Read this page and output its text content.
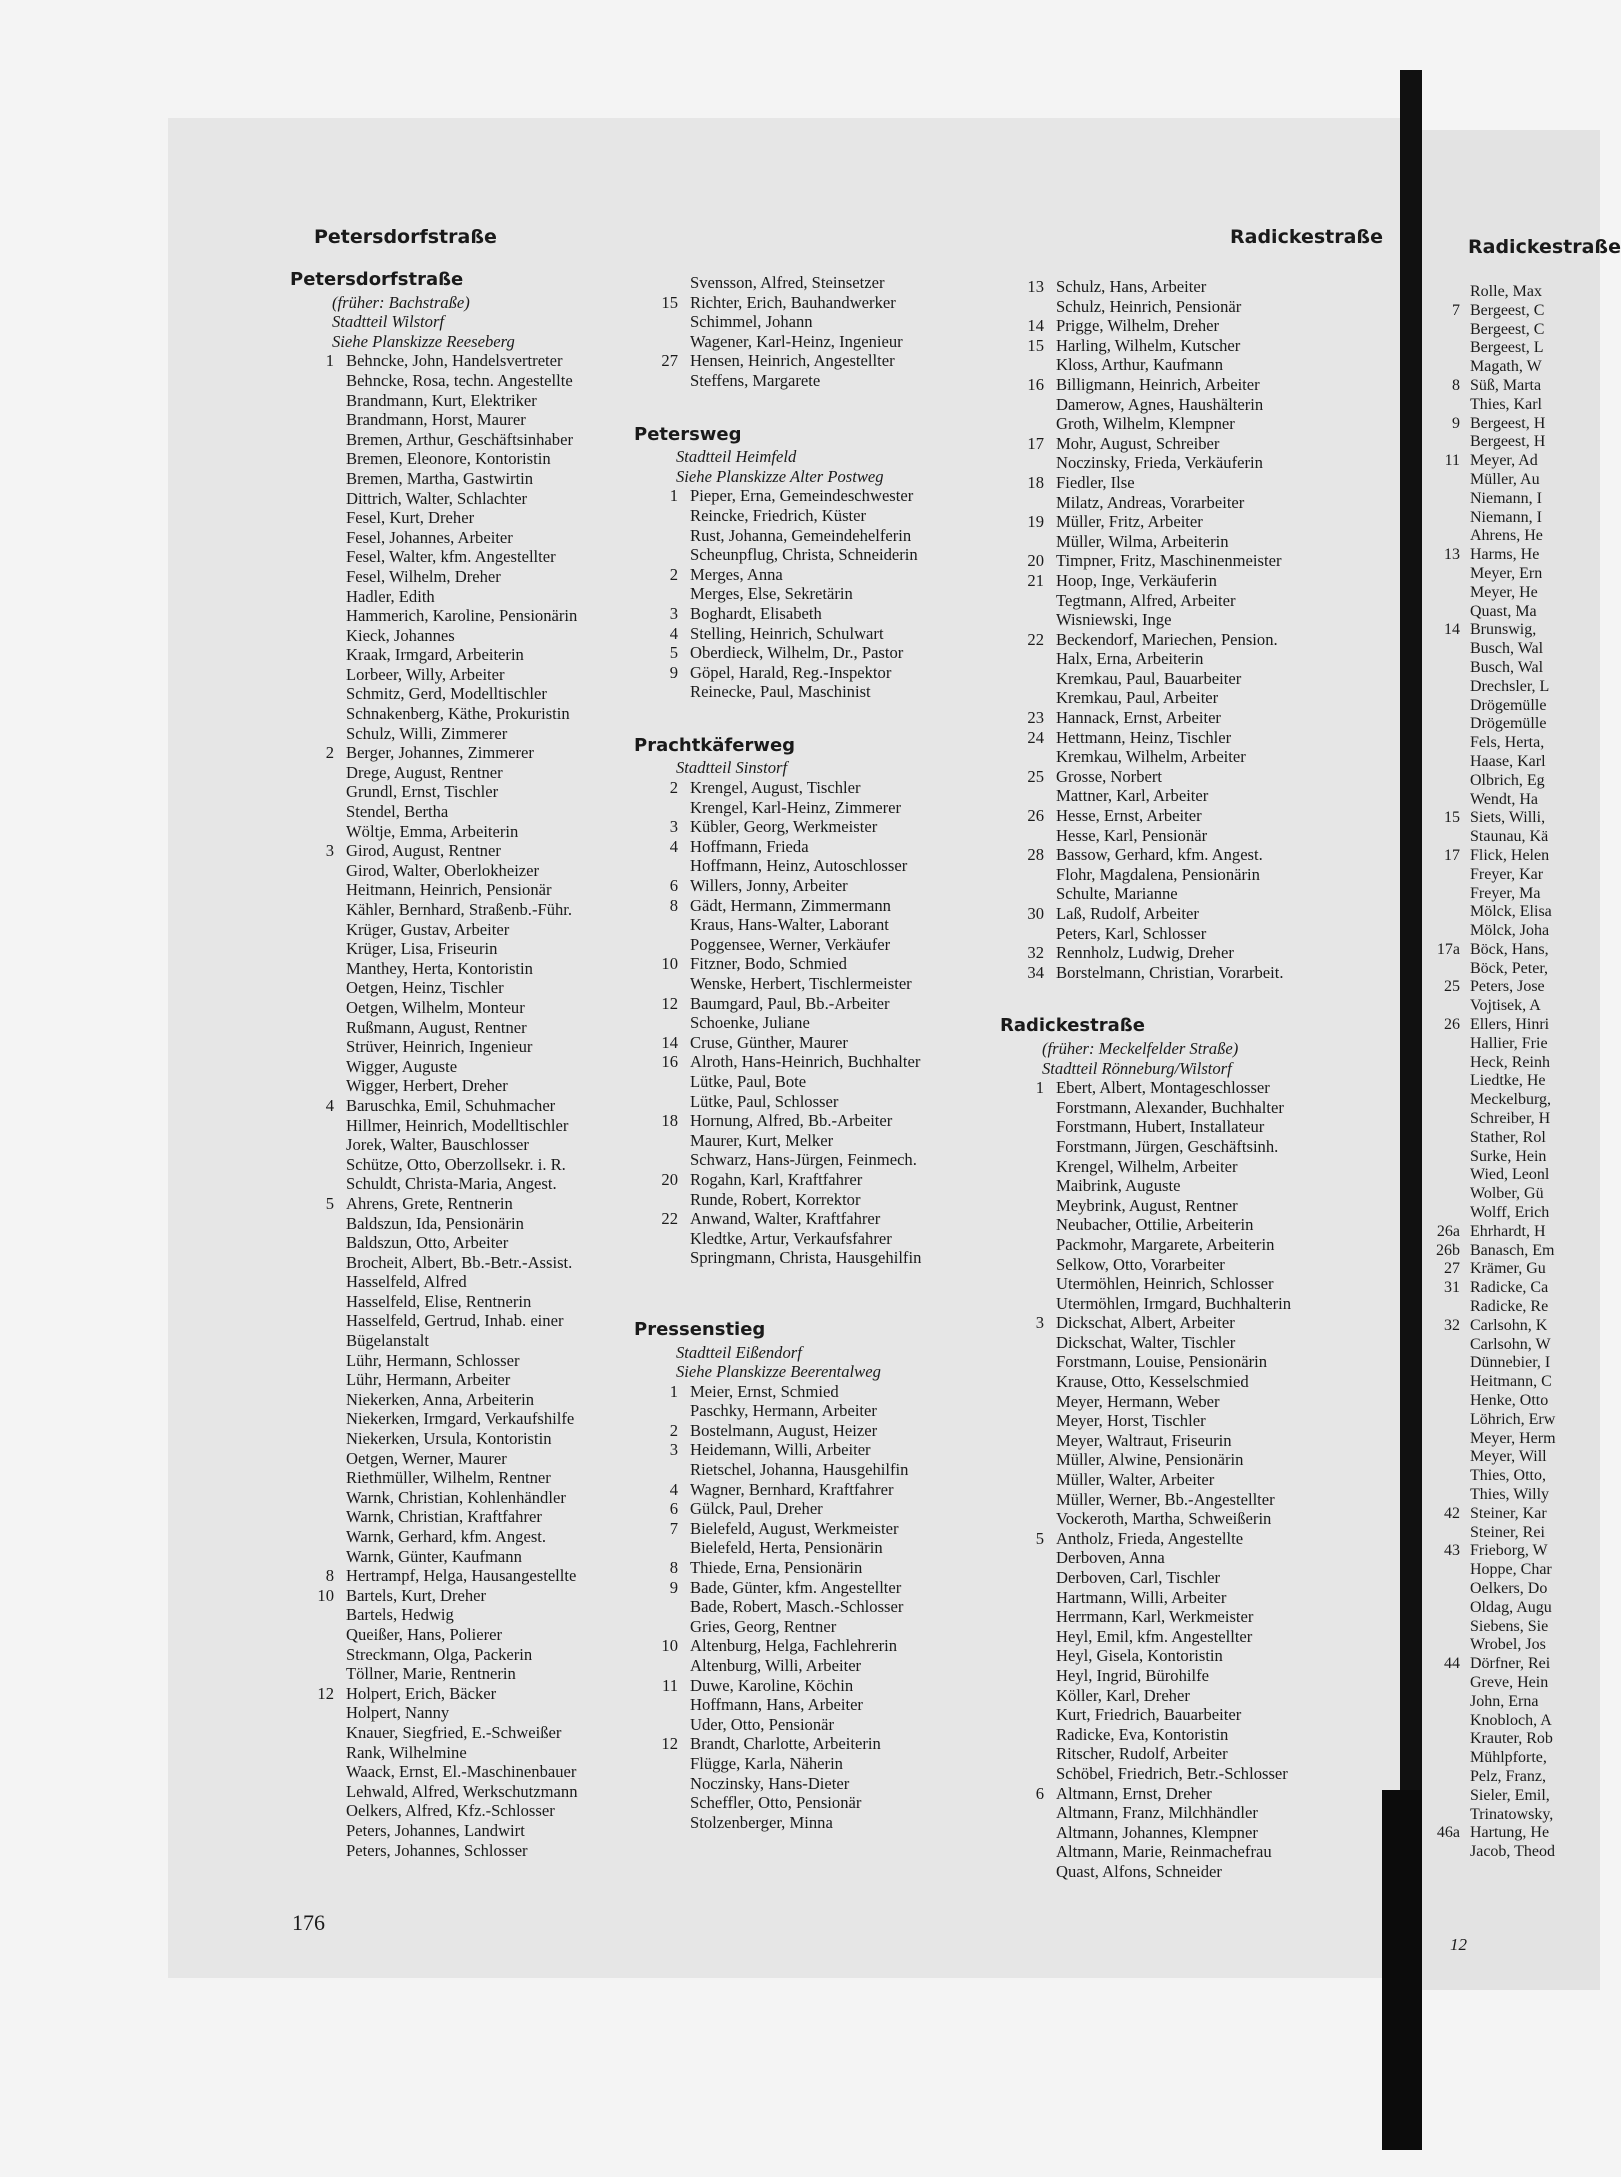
Petersdorfstraße	Radickestraße	Radickestraße
Petersdorfstraße
(früher: Bachstraße)
Stadtteil Wilstorf
Siehe Planskizze Reeseberg
1 Behncke, John, Handelsvertreter
Behncke, Rosa, techn. Angestellte
Brandmann, Kurt, Elektriker
Brandmann, Horst, Maurer
Bremen, Arthur, Geschäftsinhaber
Bremen, Eleonore, Kontoristin
Bremen, Martha, Gastwirtin
Dittrich, Walter, Schlachter
Fesel, Kurt, Dreher
Fesel, Johannes, Arbeiter
Fesel, Walter, kfm. Angestellter
Fesel, Wilhelm, Dreher
Hadler, Edith
Hammerich, Karoline, Pensionärin
Kieck, Johannes
Kraak, Irmgard, Arbeiterin
Lorbeer, Willy, Arbeiter
Schmitz, Gerd, Modelltischler
Schnakenberg, Käthe, Prokuristin
Schulz, Willi, Zimmerer
2 Berger, Johannes, Zimmerer
Drege, August, Rentner
Grundl, Ernst, Tischler
Stendel, Bertha
Wöltje, Emma, Arbeiterin
3 Girod, August, Rentner
Girod, Walter, Oberlokheizer
Heitmann, Heinrich, Pensionär
Kähler, Bernhard, Straßenb.-Führ.
Krüger, Gustav, Arbeiter
Krüger, Lisa, Friseurin
Manthey, Herta, Kontoristin
Oetgen, Heinz, Tischler
Oetgen, Wilhelm, Monteur
Rußmann, August, Rentner
Strüver, Heinrich, Ingenieur
Wigger, Auguste
Wigger, Herbert, Dreher
4 Baruschka, Emil, Schuhmacher
Hillmer, Heinrich, Modelltischler
Jorek, Walter, Bauschlosser
Schütze, Otto, Oberzollsekr. i. R.
Schuldt, Christa-Maria, Angest.
5 Ahrens, Grete, Rentnerin
Baldszun, Ida, Pensionärin
Baldszun, Otto, Arbeiter
Brocheit, Albert, Bb.-Betr.-Assist.
Hasselfeld, Alfred
Hasselfeld, Elise, Rentnerin
Hasselfeld, Gertrud, Inhab. einer
Bügelanstalt
Lühr, Hermann, Schlosser
Lühr, Hermann, Arbeiter
Niekerken, Anna, Arbeiterin
Niekerken, Irmgard, Verkaufshilfe
Niekerken, Ursula, Kontoristin
Oetgen, Werner, Maurer
Riethmüller, Wilhelm, Rentner
Warnk, Christian, Kohlenhändler
Warnk, Christian, Kraftfahrer
Warnk, Gerhard, kfm. Angest.
Warnk, Günter, Kaufmann
8 Hertrampf, Helga, Hausangestellte
10 Bartels, Kurt, Dreher
Bartels, Hedwig
Queißer, Hans, Polierer
Streckmann, Olga, Packerin
Töllner, Marie, Rentnerin
12 Holpert, Erich, Bäcker
Holpert, Nanny
Knauer, Siegfried, E.-Schweißer
Rank, Wilhelmine
Waack, Ernst, El.-Maschinenbauer
Lehwald, Alfred, Werkschutzmann
Oelkers, Alfred, Kfz.-Schlosser
Peters, Johannes, Landwirt
Peters, Johannes, Schlosser
Svensson, Alfred, Steinsetzer
15 Richter, Erich, Bauhandwerker
Schimmel, Johann
Wagener, Karl-Heinz, Ingenieur
27 Hensen, Heinrich, Angestellter
Steffens, Margarete
Petersweg
Stadtteil Heimfeld
Siehe Planskizze Alter Postweg
1 Pieper, Erna, Gemeindeschwester
Reincke, Friedrich, Küster
Rust, Johanna, Gemeindehelferin
Scheunpflug, Christa, Schneiderin
2 Merges, Anna
Merges, Else, Sekretärin
3 Boghardt, Elisabeth
4 Stelling, Heinrich, Schulwart
5 Oberdieck, Wilhelm, Dr., Pastor
9 Göpel, Harald, Reg.-Inspektor
Reinecke, Paul, Maschinist
Prachtkäferweg
Stadtteil Sinstorf
2 Krengel, August, Tischler
Krengel, Karl-Heinz, Zimmerer
3 Kübler, Georg, Werkmeister
4 Hoffmann, Frieda
Hoffmann, Heinz, Autoschlosser
6 Willers, Jonny, Arbeiter
8 Gädt, Hermann, Zimmermann
Kraus, Hans-Walter, Laborant
Poggensee, Werner, Verkäufer
10 Fitzner, Bodo, Schmied
Wenske, Herbert, Tischlermeister
12 Baumgard, Paul, Bb.-Arbeiter
Schoenke, Juliane
14 Cruse, Günther, Maurer
16 Alroth, Hans-Heinrich, Buchhalter
Lütke, Paul, Bote
Lütke, Paul, Schlosser
18 Hornung, Alfred, Bb.-Arbeiter
Maurer, Kurt, Melker
Schwarz, Hans-Jürgen, Feinmech.
20 Rogahn, Karl, Kraftfahrer
Runde, Robert, Korrektor
22 Anwand, Walter, Kraftfahrer
Kledtke, Artur, Verkaufsfahrer
Springmann, Christa, Hausgehilfin
Pressenstieg
Stadtteil Eißendorf
Siehe Planskizze Beerentalweg
1 Meier, Ernst, Schmied
Paschky, Hermann, Arbeiter
2 Bostelmann, August, Heizer
3 Heidemann, Willi, Arbeiter
Rietschel, Johanna, Hausgehilfin
4 Wagner, Bernhard, Kraftfahrer
6 Gülck, Paul, Dreher
7 Bielefeld, August, Werkmeister
Bielefeld, Herta, Pensionärin
8 Thiede, Erna, Pensionärin
9 Bade, Günter, kfm. Angestellter
Bade, Robert, Masch.-Schlosser
Gries, Georg, Rentner
10 Altenburg, Helga, Fachlehrerin
Altenburg, Willi, Arbeiter
11 Duwe, Karoline, Köchin
Hoffmann, Hans, Arbeiter
Uder, Otto, Pensionär
12 Brandt, Charlotte, Arbeiterin
Flügge, Karla, Näherin
Noczinsky, Hans-Dieter
Scheffler, Otto, Pensionär
Stolzenberger, Minna
13 Schulz, Hans, Arbeiter
Schulz, Heinrich, Pensionär
14 Prigge, Wilhelm, Dreher
15 Harling, Wilhelm, Kutscher
Kloss, Arthur, Kaufmann
16 Billigmann, Heinrich, Arbeiter
Damerow, Agnes, Haushälterin
Groth, Wilhelm, Klempner
17 Mohr, August, Schreiber
Noczinsky, Frieda, Verkäuferin
18 Fiedler, Ilse
Milatz, Andreas, Vorarbeiter
19 Müller, Fritz, Arbeiter
Müller, Wilma, Arbeiterin
20 Timpner, Fritz, Maschinenmeister
21 Hoop, Inge, Verkäuferin
Tegtmann, Alfred, Arbeiter
Wisniewski, Inge
22 Beckendorf, Mariechen, Pension.
Halx, Erna, Arbeiterin
Kremkau, Paul, Bauarbeiter
Kremkau, Paul, Arbeiter
23 Hannack, Ernst, Arbeiter
24 Hettmann, Heinz, Tischler
Kremkau, Wilhelm, Arbeiter
25 Grosse, Norbert
Mattner, Karl, Arbeiter
26 Hesse, Ernst, Arbeiter
Hesse, Karl, Pensionär
28 Bassow, Gerhard, kfm. Angest.
Flohr, Magdalena, Pensionärin
Schulte, Marianne
30 Laß, Rudolf, Arbeiter
Peters, Karl, Schlosser
32 Rennholz, Ludwig, Dreher
34 Borstelmann, Christian, Vorarbeit.
Radickestraße
(früher: Meckelfelder Straße)
Stadtteil Rönneburg/Wilstorf
1 Ebert, Albert, Montageschlosser
Forstmann, Alexander, Buchhalter
Forstmann, Hubert, Installateur
Forstmann, Jürgen, Geschäftsinh.
Krengel, Wilhelm, Arbeiter
Maibrink, Auguste
Meybrink, August, Rentner
Neubacher, Ottilie, Arbeiterin
Packmohr, Margarete, Arbeiterin
Selkow, Otto, Vorarbeiter
Utermöhlen, Heinrich, Schlosser
Utermöhlen, Irmgard, Buchhalterin
3 Dickschat, Albert, Arbeiter
Dickschat, Walter, Tischler
Forstmann, Louise, Pensionärin
Krause, Otto, Kesselschmied
Meyer, Hermann, Weber
Meyer, Horst, Tischler
Meyer, Waltraut, Friseurin
Müller, Alwine, Pensionärin
Müller, Walter, Arbeiter
Müller, Werner, Bb.-Angestellter
Vockeroth, Martha, Schweißerin
5 Antholz, Frieda, Angestellte
Derboven, Anna
Derboven, Carl, Tischler
Hartmann, Willi, Arbeiter
Herrmann, Karl, Werkmeister
Heyl, Emil, kfm. Angestellter
Heyl, Gisela, Kontoristin
Heyl, Ingrid, Bürohilfe
Köller, Karl, Dreher
Kurt, Friedrich, Bauarbeiter
Radicke, Eva, Kontoristin
Ritscher, Rudolf, Arbeiter
Schöbel, Friedrich, Betr.-Schlosser
6 Altmann, Ernst, Dreher
Altmann, Franz, Milchhändler
Altmann, Johannes, Klempner
Altmann, Marie, Reinmachefrau
Quast, Alfons, Schneider
Rolle, Max
7 Bergeest, C
Bergeest, C
Bergeest, L
Magath, W
8 Süß, Marta
Thies, Karl
9 Bergeest, H
Bergeest, H
11 Meyer, Ad
Müller, Au
Niemann, I
Niemann, I
Ahrens, He
13 Harms, He
Meyer, Ern
Meyer, He
Quast, Ma
14 Brunswig,
Busch, Wal
Busch, Wal
Drechsler, L
Drögemülle
Drögemülle
Fels, Herta,
Haase, Karl
Olbrich, Eg
Wendt, Ha
15 Siets, Willi,
Staunau, Kä
17 Flick, Helen
Freyer, Kar
Freyer, Ma
Mölck, Elisa
Mölck, Joha
17a Böck, Hans,
Böck, Peter,
25 Peters, Jose
Vojtisek, A
26 Ellers, Hinri
Hallier, Frie
Heck, Reinh
Liedtke, He
Meckelburg,
Schreiber, H
Stather, Rol
Surke, Hein
Wied, Leonl
Wolber, Gü
Wolff, Erich
26a Ehrhardt, H
26b Banasch, Em
27 Krämer, Gu
31 Radicke, Ca
Radicke, Re
32 Carlsohn, K
Carlsohn, W
Dünnebier, I
Heitmann, C
Henke, Otto
Löhrich, Erw
Meyer, Herm
Meyer, Will
Thies, Otto,
Thies, Willy
42 Steiner, Kar
Steiner, Rei
43 Frieborg, W
Hoppe, Char
Oelkers, Do
Oldag, Augu
Siebens, Sie
Wrobel, Jos
44 Dörfner, Rei
Greve, Hein
John, Erna
Knobloch, A
Krauter, Rob
Mühlpforte,
Pelz, Franz,
Sieler, Emil,
Trinatowsky,
46a Hartung, He
Jacob, Theod
176
12
